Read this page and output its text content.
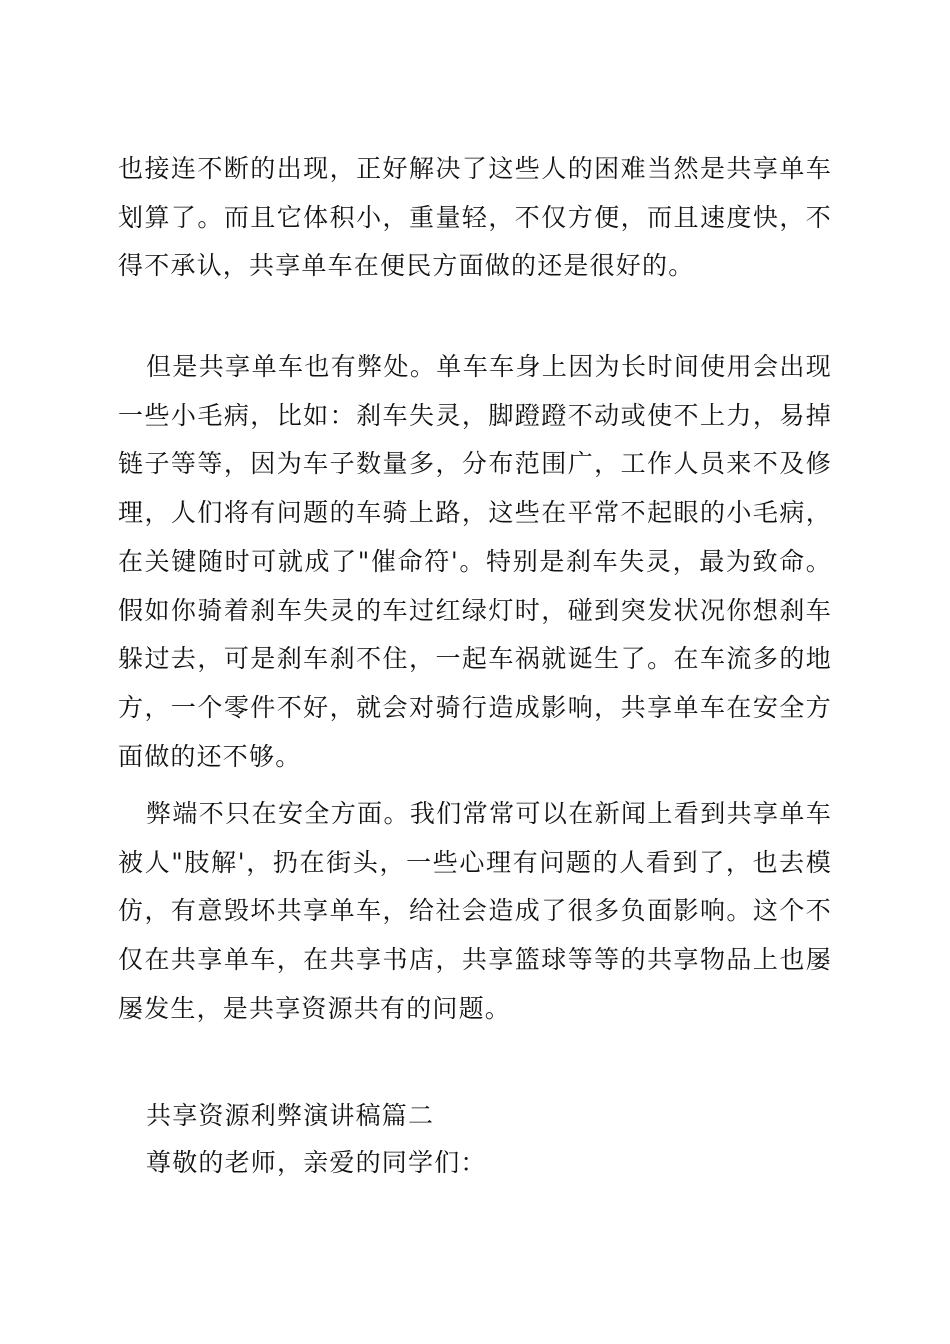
也接连不断的出现，正好解决了这些人的困难当然是共享单车划算了。而且它体积小，重量轻，不仅方便，而且速度快，不得不承认，共享单车在便民方面做的还是很好的。

但是共享单车也有弊处。单车车身上因为长时间使用会出现一些小毛病，比如：刹车失灵，脚蹬蹬不动或使不上力，易掉链子等等，因为车子数量多，分布范围广，工作人员来不及修理，人们将有问题的车骑上路，这些在平常不起眼的小毛病，在关键随时可就成了"催命符'。特别是刹车失灵，最为致命。假如你骑着刹车失灵的车过红绿灯时，碰到突发状况你想刹车躲过去，可是刹车刹不住，一起车祸就诞生了。在车流多的地方，一个零件不好，就会对骑行造成影响，共享单车在安全方面做的还不够。

弊端不只在安全方面。我们常常可以在新闻上看到共享单车被人"肢解'，扔在街头，一些心理有问题的人看到了，也去模仿，有意毁坏共享单车，给社会造成了很多负面影响。这个不仅在共享单车，在共享书店，共享篮球等等的共享物品上也屡屡发生，是共享资源共有的问题。

共享资源利弊演讲稿篇二

尊敬的老师，亲爱的同学们：
